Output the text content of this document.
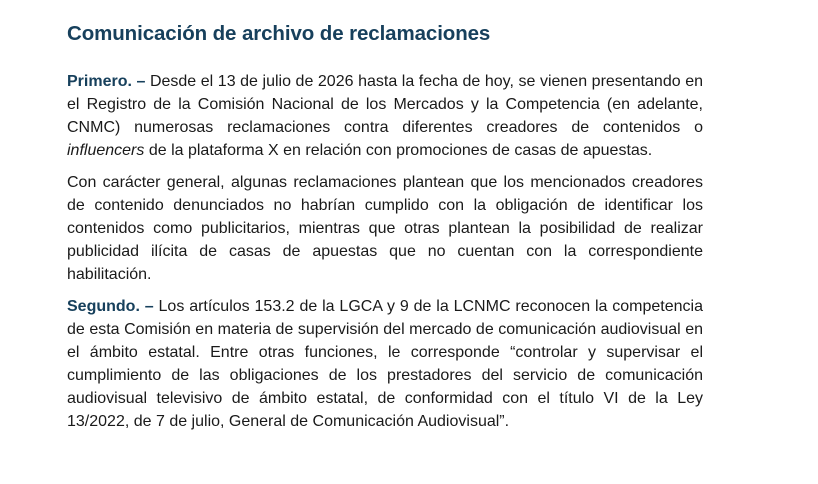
Comunicación de archivo de reclamaciones

Primero. – Desde el 13 de julio de 2026 hasta la fecha de hoy, se vienen presentando en el Registro de la Comisión Nacional de los Mercados y la Competencia (en adelante, CNMC) numerosas reclamaciones contra diferentes creadores de contenidos o influencers de la plataforma X en relación con promociones de casas de apuestas.

Con carácter general, algunas reclamaciones plantean que los mencionados creadores de contenido denunciados no habrían cumplido con la obligación de identificar los contenidos como publicitarios, mientras que otras plantean la posibilidad de realizar publicidad ilícita de casas de apuestas que no cuentan con la correspondiente habilitación.

Segundo. – Los artículos 153.2 de la LGCA y 9 de la LCNMC reconocen la competencia de esta Comisión en materia de supervisión del mercado de comunicación audiovisual en el ámbito estatal. Entre otras funciones, le corresponde “controlar y supervisar el cumplimiento de las obligaciones de los prestadores del servicio de comunicación audiovisual televisivo de ámbito estatal, de conformidad con el título VI de la Ley 13/2022, de 7 de julio, General de Comunicación Audiovisual”.
